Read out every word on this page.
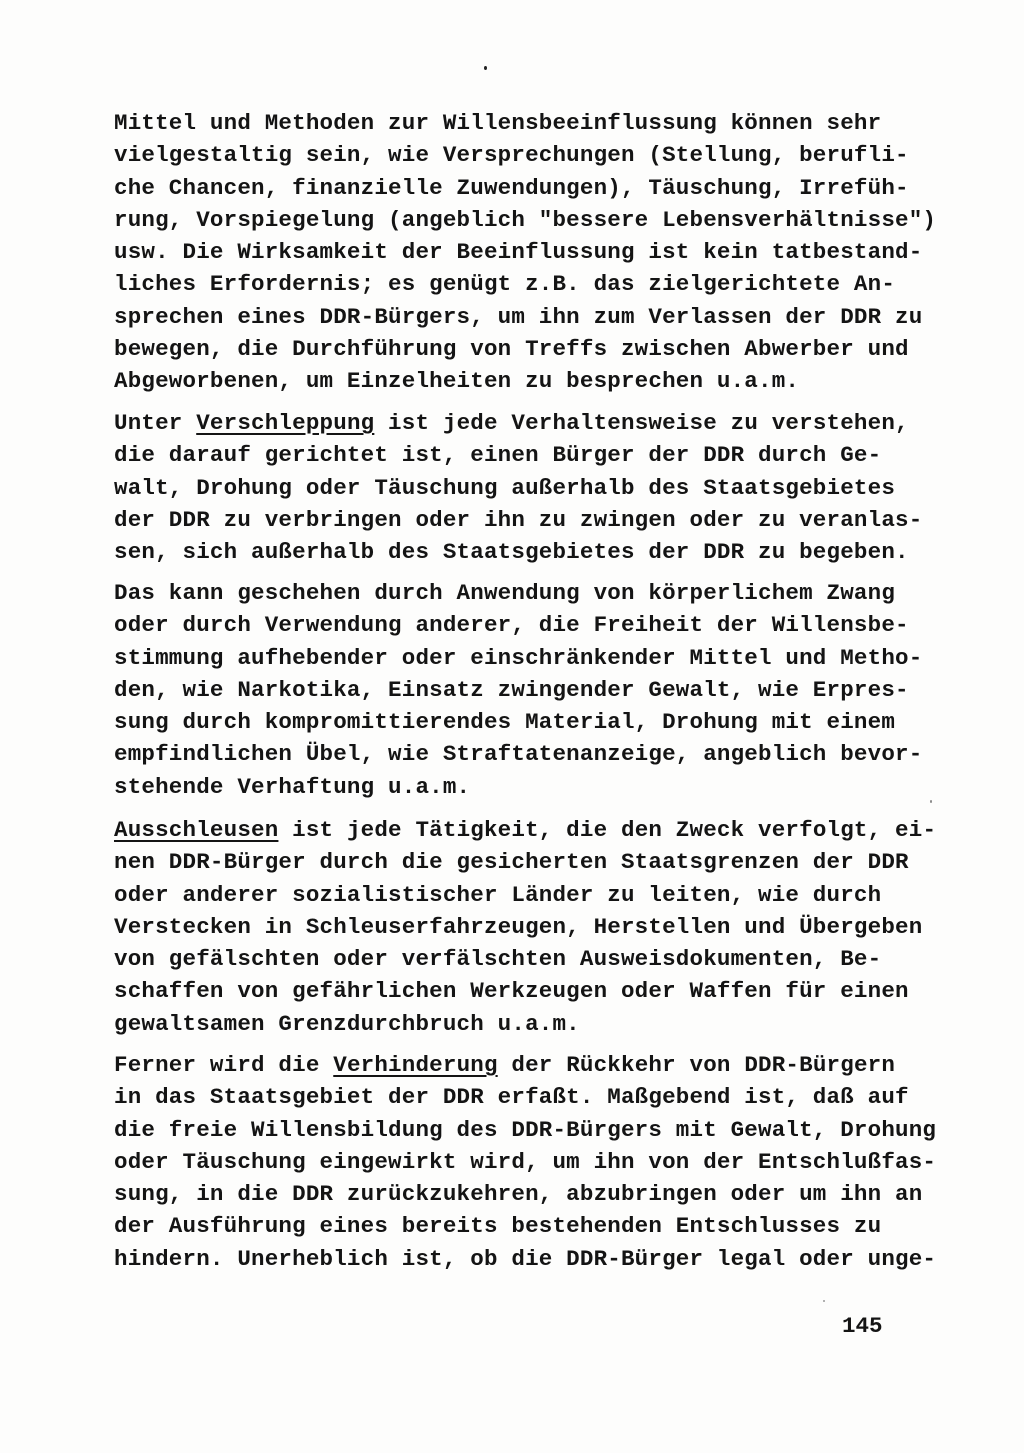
Mittel und Methoden zur Willensbeeinflussung können sehr
vielgestaltig sein, wie Versprechungen (Stellung, berufli-
che Chancen, finanzielle Zuwendungen), Täuschung, Irrefüh-
rung, Vorspiegelung (angeblich "bessere Lebensverhältnisse")
usw. Die Wirksamkeit der Beeinflussung ist kein tatbestand-
liches Erfordernis; es genügt z.B. das zielgerichtete An-
sprechen eines DDR-Bürgers, um ihn zum Verlassen der DDR zu
bewegen, die Durchführung von Treffs zwischen Abwerber und
Abgeworbenen, um Einzelheiten zu besprechen u.a.m.

Unter Verschleppung ist jede Verhaltensweise zu verstehen,
die darauf gerichtet ist, einen Bürger der DDR durch Ge-
walt, Drohung oder Täuschung außerhalb des Staatsgebietes
der DDR zu verbringen oder ihn zu zwingen oder zu veranlas-
sen, sich außerhalb des Staatsgebietes der DDR zu begeben.

Das kann geschehen durch Anwendung von körperlichem Zwang
oder durch Verwendung anderer, die Freiheit der Willensbe-
stimmung aufhebender oder einschränkender Mittel und Metho-
den, wie Narkotika, Einsatz zwingender Gewalt, wie Erpres-
sung durch kompromittierendes Material, Drohung mit einem
empfindlichen Übel, wie Straftatenanzeige, angeblich bevor-
stehende Verhaftung u.a.m.

Ausschleusen ist jede Tätigkeit, die den Zweck verfolgt, ei-
nen DDR-Bürger durch die gesicherten Staatsgrenzen der DDR
oder anderer sozialistischer Länder zu leiten, wie durch
Verstecken in Schleuserfahrzeugen, Herstellen und Übergeben
von gefälschten oder verfälschten Ausweisdokumenten, Be-
schaffen von gefährlichen Werkzeugen oder Waffen für einen
gewaltsamen Grenzdurchbruch u.a.m.

Ferner wird die Verhinderung der Rückkehr von DDR-Bürgern
in das Staatsgebiet der DDR erfaßt. Maßgebend ist, daß auf
die freie Willensbildung des DDR-Bürgers mit Gewalt, Drohung
oder Täuschung eingewirkt wird, um ihn von der Entschlußfas-
sung, in die DDR zurückzukehren, abzubringen oder um ihn an
der Ausführung eines bereits bestehenden Entschlusses zu
hindern. Unerheblich ist, ob die DDR-Bürger legal oder unge-

145
